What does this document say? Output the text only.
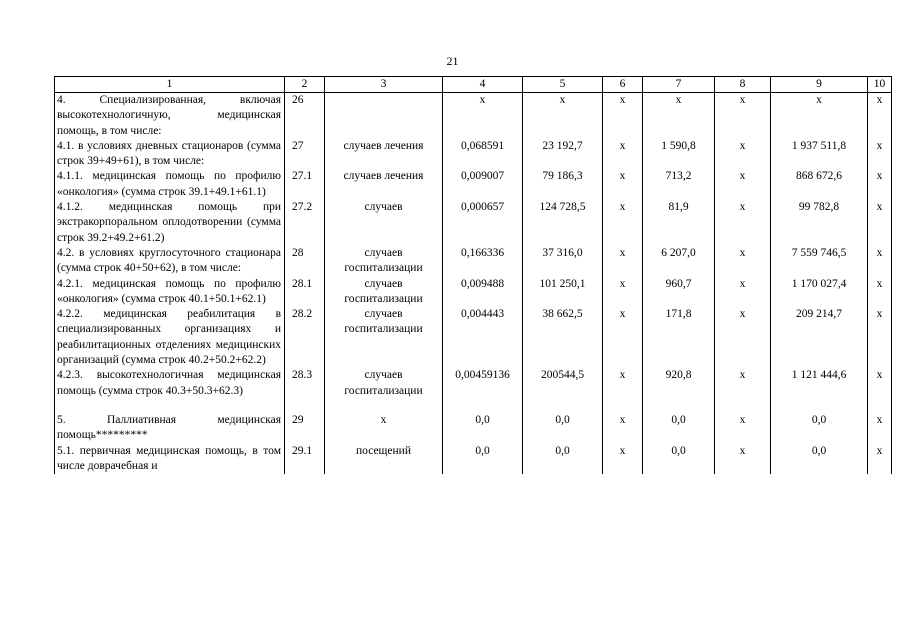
21
1	2	3	4	5	6	7	8	9	10
4. Специализированная, включая высокотехнологичную, медицинская помощь, в том числе:	26		х	х	х	х	х	х	х
4.1. в условиях дневных стационаров (сумма строк 39+49+61), в том числе:	27	случаев лечения	0,068591	23 192,7	х	1 590,8	х	1 937 511,8	х
4.1.1. медицинская помощь по профилю «онкология» (сумма строк 39.1+49.1+61.1)	27.1	случаев лечения	0,009007	79 186,3	х	713,2	х	868 672,6	х
4.1.2. медицинская помощь при экстракорпоральном оплодотворении (сумма строк 39.2+49.2+61.2)	27.2	случаев	0,000657	124 728,5	х	81,9	х	99 782,8	х
4.2. в условиях круглосуточного стационара (сумма строк 40+50+62), в том числе:	28	случаев госпитализации	0,166336	37 316,0	х	6 207,0	х	7 559 746,5	х
4.2.1. медицинская помощь по профилю «онкология» (сумма строк 40.1+50.1+62.1)	28.1	случаев госпитализации	0,009488	101 250,1	х	960,7	х	1 170 027,4	х
4.2.2. медицинская реабилитация в специализированных организациях и реабилитационных отделениях медицинских организаций (сумма строк 40.2+50.2+62.2)	28.2	случаев госпитализации	0,004443	38 662,5	х	171,8	х	209 214,7	х
4.2.3. высокотехнологичная медицинская помощь (сумма строк 40.3+50.3+62.3)	28.3	случаев госпитализации	0,00459136	200544,5	х	920,8	х	1 121 444,6	х

5. Паллиативная медицинская помощь*********	29	х	0,0	0,0	х	0,0	х	0,0	х
5.1. первичная медицинская помощь, в том числе доврачебная и	29.1	посещений	0,0	0,0	х	0,0	х	0,0	х
